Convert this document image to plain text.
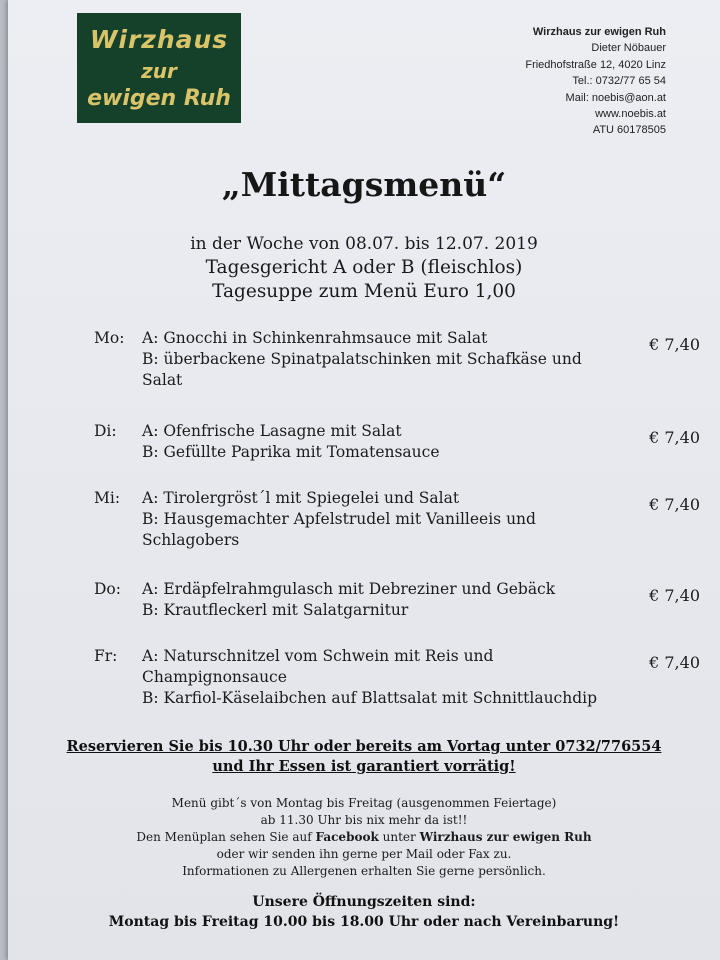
Wirzhaus
zur
ewigen Ruh
Wirzhaus zur ewigen Ruh
Dieter Nöbauer
Friedhofstraße 12, 4020 Linz
Tel.: 0732/77 65 54
Mail: noebis@aon.at
www.noebis.at
ATU 60178505
„Mittagsmenü“
in der Woche von 08.07. bis 12.07. 2019
Tagesgericht A oder B (fleischlos)
Tagesuppe zum Menü Euro 1,00
Mo:	A: Gnocchi in Schinkenrahmsauce mit Salat
B: überbackene Spinatpalatschinken mit Schafkäse und Salat
€ 7,40
Di:	A: Ofenfrische Lasagne mit Salat
B: Gefüllte Paprika mit Tomatensauce
€ 7,40
Mi:	A: Tirolergröst´l mit Spiegelei und Salat
B: Hausgemachter Apfelstrudel mit Vanilleeis und Schlagobers
€ 7,40
Do:	A: Erdäpfelrahmgulasch mit Debreziner und Gebäck
B: Krautfleckerl mit Salatgarnitur
€ 7,40
Fr:	A: Naturschnitzel vom Schwein mit Reis und Champignonsauce
B: Karfiol-Käselaibchen auf Blattsalat mit Schnittlauchdip
€ 7,40
Reservieren Sie bis 10.30 Uhr oder bereits am Vortag unter 0732/776554
und Ihr Essen ist garantiert vorrätig!
Menü gibt´s von Montag bis Freitag (ausgenommen Feiertage)
ab 11.30 Uhr bis nix mehr da ist!!
Den Menüplan sehen Sie auf Facebook unter Wirzhaus zur ewigen Ruh
oder wir senden ihn gerne per Mail oder Fax zu.
Informationen zu Allergenen erhalten Sie gerne persönlich.
Unsere Öffnungszeiten sind:
Montag bis Freitag 10.00 bis 18.00 Uhr oder nach Vereinbarung!
